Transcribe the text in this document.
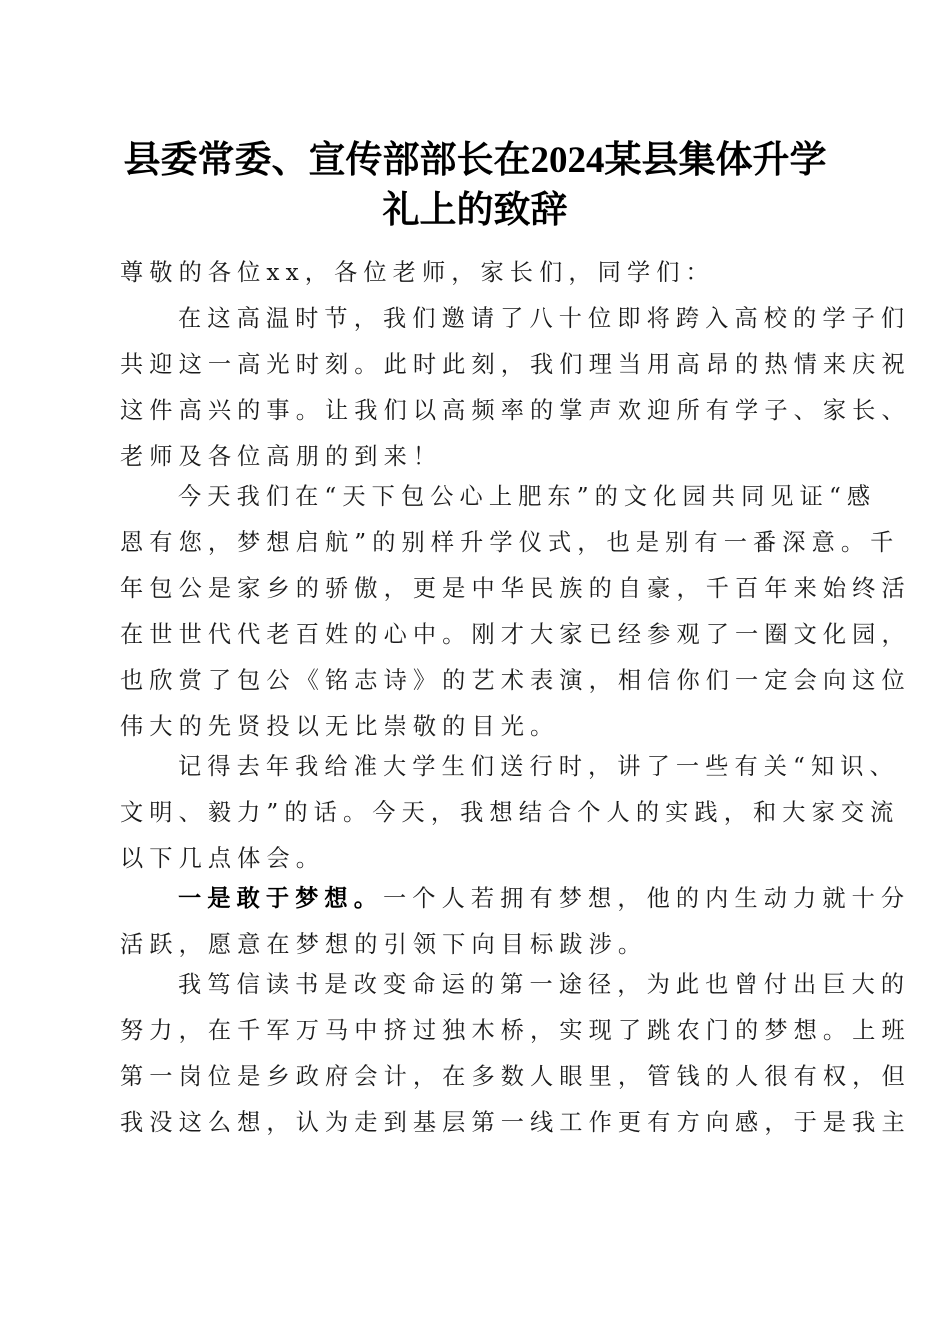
县委常委、宣传部部长在2024某县集体升学
礼上的致辞
尊敬的各位xx，各位老师，家长们，同学们：
在这高温时节，我们邀请了八十位即将跨入高校的学子们
共迎这一高光时刻。此时此刻，我们理当用高昂的热情来庆祝
这件高兴的事。让我们以高频率的掌声欢迎所有学子、家长、
老师及各位高朋的到来！
今天我们在“天下包公心上肥东”的文化园共同见证“感
恩有您，梦想启航”的别样升学仪式，也是别有一番深意。千
年包公是家乡的骄傲，更是中华民族的自豪，千百年来始终活
在世世代代老百姓的心中。刚才大家已经参观了一圈文化园，
也欣赏了包公《铭志诗》的艺术表演，相信你们一定会向这位
伟大的先贤投以无比崇敬的目光。
记得去年我给准大学生们送行时，讲了一些有关“知识、
文明、毅力”的话。今天，我想结合个人的实践，和大家交流
以下几点体会。
一是敢于梦想。一个人若拥有梦想，他的内生动力就十分
活跃，愿意在梦想的引领下向目标跋涉。
我笃信读书是改变命运的第一途径，为此也曾付出巨大的
努力，在千军万马中挤过独木桥，实现了跳农门的梦想。上班
第一岗位是乡政府会计，在多数人眼里，管钱的人很有权，但
我没这么想，认为走到基层第一线工作更有方向感，于是我主
